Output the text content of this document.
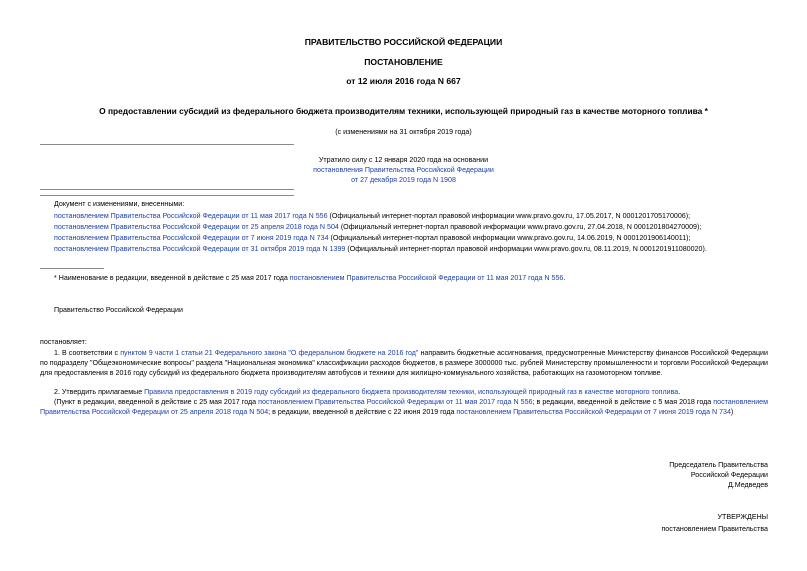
ПРАВИТЕЛЬСТВО РОССИЙСКОЙ ФЕДЕРАЦИИ
ПОСТАНОВЛЕНИЕ
от 12 июля 2016 года N 667
О предоставлении субсидий из федерального бюджета производителям техники, использующей природный газ в качестве моторного топлива *
(с изменениями на 31 октября 2019 года)
Утратило силу с 12 января 2020 года на основании
постановления Правительства Российской Федерации
от 27 декабря 2019 года N 1908

Документ с изменениями, внесенными:

постановлением Правительства Российской Федерации от 11 мая 2017 года N 556 (Официальный интернет-портал правовой информации www.pravo.gov.ru, 17.05.2017, N 0001201705170006);

постановлением Правительства Российской Федерации от 25 апреля 2018 года N 504 (Официальный интернет-портал правовой информации www.pravo.gov.ru, 27.04.2018, N 0001201804270009);

постановлением Правительства Российской Федерации от 7 июня 2019 года N 734 (Официальный интернет-портал правовой информации www.pravo.gov.ru, 14.06.2019, N 0001201906140011);

постановлением Правительства Российской Федерации от 31 октября 2019 года N 1399 (Официальный интернет-портал правовой информации www.pravo.gov.ru, 08.11.2019, N 0001201911080020).

* Наименование в редакции, введенной в действие с 25 мая 2017 года постановлением Правительства Российской Федерации от 11 мая 2017 года N 556.
Правительство Российской Федерации
постановляет:
1. В соответствии с пунктом 9 части 1 статьи 21 Федерального закона "О федеральном бюджете на 2016 год" направить бюджетные ассигнования, предусмотренные Министерству финансов Российской Федерации по подразделу "Общеэкономические вопросы" раздела "Национальная экономика" классификации расходов бюджетов, в размере 3000000 тыс. рублей Министерству промышленности и торговли Российской Федерации для предоставления в 2016 году субсидий из федерального бюджета производителям автобусов и техники для жилищно-коммунального хозяйства, работающих на газомоторном топливе.
2. Утвердить прилагаемые Правила предоставления в 2019 году субсидий из федерального бюджета производителям техники, использующей природный газ в качестве моторного топлива.
(Пункт в редакции, введенной в действие с 25 мая 2017 года постановлением Правительства Российской Федерации от 11 мая 2017 года N 556; в редакции, введенной в действие с 5 мая 2018 года постановлением Правительства Российской Федерации от 25 апреля 2018 года N 504; в редакции, введенной в действие с 22 июня 2019 года постановлением Правительства Российской Федерации от 7 июня 2019 года N 734)

Председатель Правительства

Российской Федерации

Д.Медведев

УТВЕРЖДЕНЫ

постановлением Правительства
